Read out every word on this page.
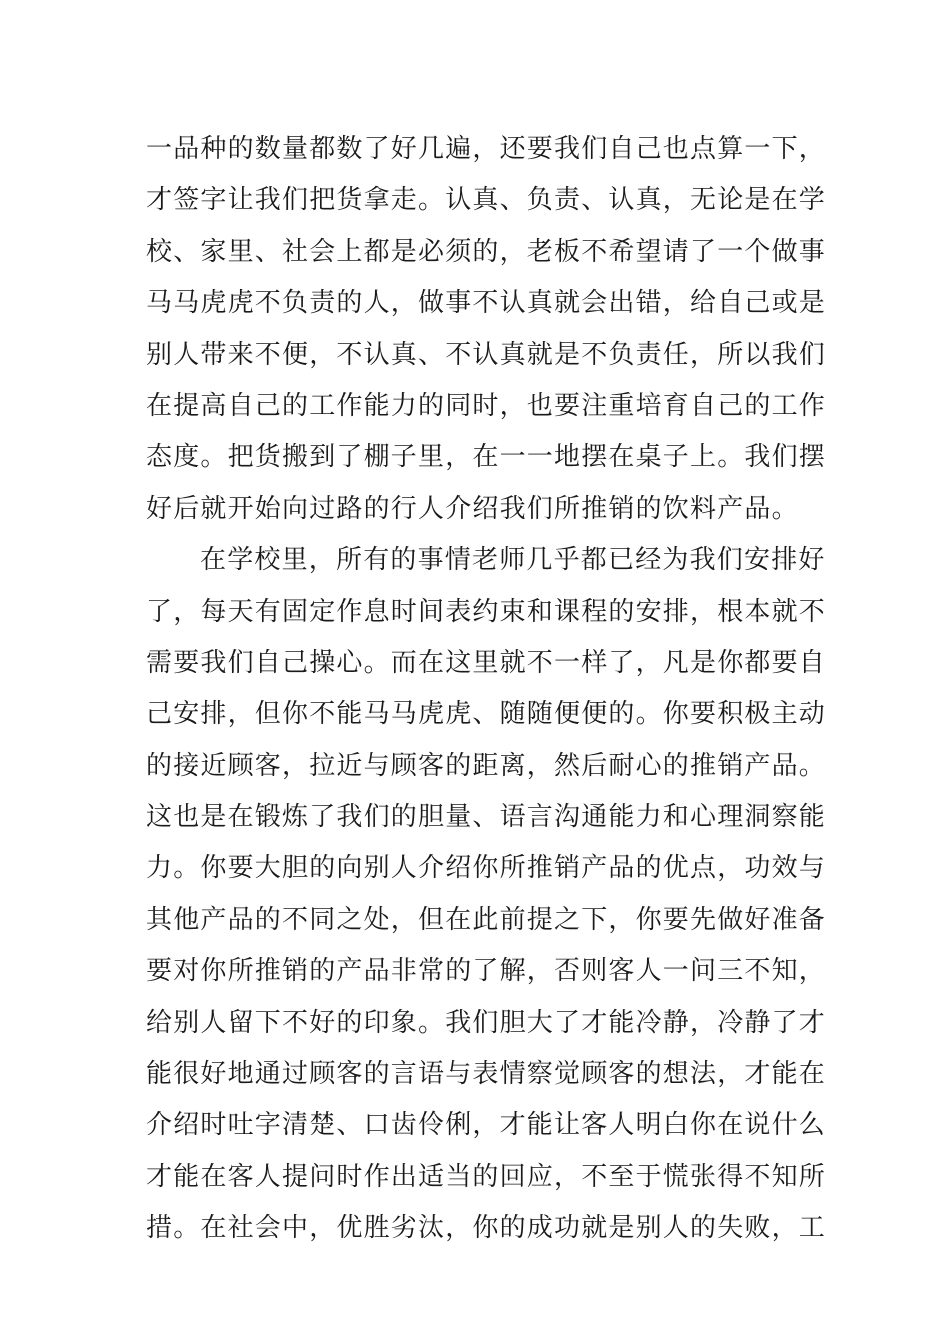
一品种的数量都数了好几遍，还要我们自己也点算一下，
才签字让我们把货拿走。认真、负责、认真，无论是在学
校、家里、社会上都是必须的，老板不希望请了一个做事
马马虎虎不负责的人，做事不认真就会出错，给自己或是
别人带来不便，不认真、不认真就是不负责任，所以我们
在提高自己的工作能力的同时，也要注重培育自己的工作
态度。把货搬到了棚子里，在一一地摆在桌子上。我们摆
好后就开始向过路的行人介绍我们所推销的饮料产品。
在学校里，所有的事情老师几乎都已经为我们安排好
了，每天有固定作息时间表约束和课程的安排，根本就不
需要我们自己操心。而在这里就不一样了，凡是你都要自
己安排，但你不能马马虎虎、随随便便的。你要积极主动
的接近顾客，拉近与顾客的距离，然后耐心的推销产品。
这也是在锻炼了我们的胆量、语言沟通能力和心理洞察能
力。你要大胆的向别人介绍你所推销产品的优点，功效与
其他产品的不同之处，但在此前提之下，你要先做好准备
要对你所推销的产品非常的了解，否则客人一问三不知，
给别人留下不好的印象。我们胆大了才能冷静，冷静了才
能很好地通过顾客的言语与表情察觉顾客的想法，才能在
介绍时吐字清楚、口齿伶俐，才能让客人明白你在说什么
才能在客人提问时作出适当的回应，不至于慌张得不知所
措。在社会中，优胜劣汰，你的成功就是别人的失败，工
